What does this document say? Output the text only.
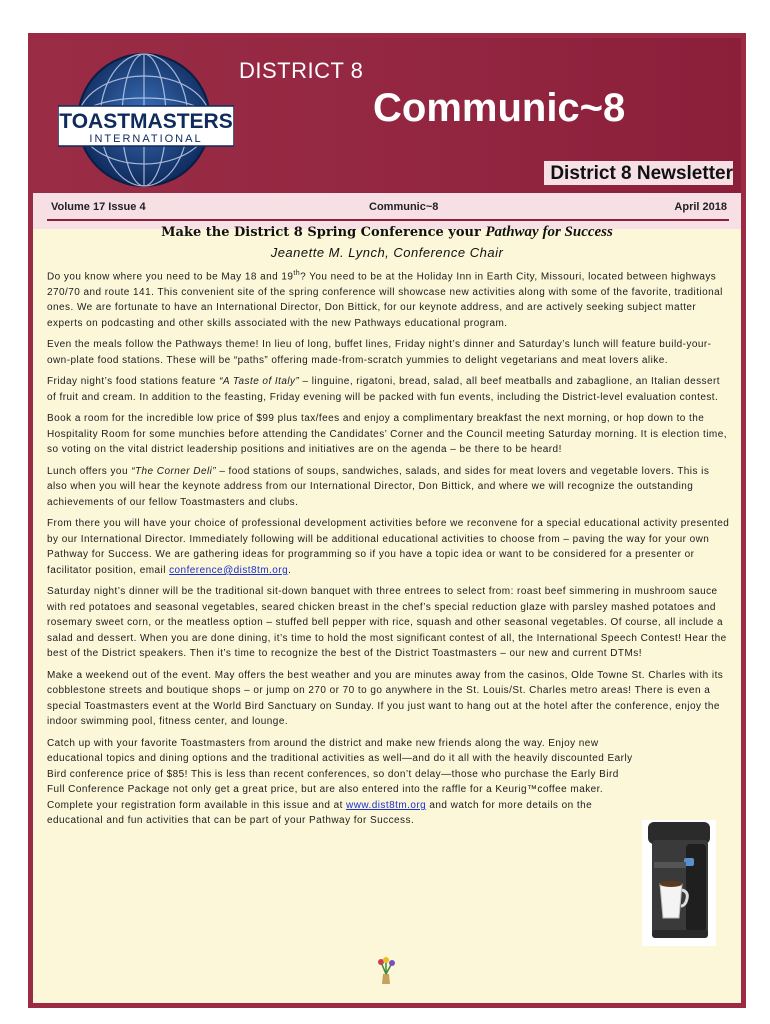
TOASTMASTERS
INTERNATIONAL
DISTRICT 8
Communic~8
District 8 Newsletter
Volume 17 Issue 4	Communic~8	April 2018
Make the District 8 Spring Conference your Pathway for Success
Jeanette M. Lynch, Conference Chair

Do you know where you need to be May 18 and 19th? You need to be at the Holiday Inn in Earth City, Missouri, located between highways 270/70 and route 141. This convenient site of the spring conference will showcase new activities along with some of the favorite, traditional ones. We are fortunate to have an International Director, Don Bittick, for our keynote address, and are actively seeking subject matter experts on podcasting and other skills associated with the new Pathways educational program.

Even the meals follow the Pathways theme! In lieu of long, buffet lines, Friday night’s dinner and Saturday’s lunch will feature build-your-own-plate food stations. These will be “paths” offering made-from-scratch yummies to delight vegetarians and meat lovers alike.

Friday night’s food stations feature “A Taste of Italy” – linguine, rigatoni, bread, salad, all beef meatballs and zabaglione, an Italian dessert of fruit and cream. In addition to the feasting, Friday evening will be packed with fun events, including the District-level evaluation contest.

Book a room for the incredible low price of $99 plus tax/fees and enjoy a complimentary breakfast the next morning, or hop down to the Hospitality Room for some munchies before attending the Candidates’ Corner and the Council meeting Saturday morning. It is election time, so voting on the vital district leadership positions and initiatives are on the agenda – be there to be heard!

Lunch offers you “The Corner Deli” – food stations of soups, sandwiches, salads, and sides for meat lovers and vegetable lovers. This is also when you will hear the keynote address from our International Director, Don Bittick, and where we will recognize the outstanding achievements of our fellow Toastmasters and clubs.

From there you will have your choice of professional development activities before we reconvene for a special educational activity presented by our International Director. Immediately following will be additional educational activities to choose from – paving the way for your own Pathway for Success. We are gathering ideas for programming so if you have a topic idea or want to be considered for a presenter or facilitator position, email conference@dist8tm.org.

Saturday night’s dinner will be the traditional sit-down banquet with three entrees to select from: roast beef simmering in mushroom sauce with red potatoes and seasonal vegetables, seared chicken breast in the chef’s special reduction glaze with parsley mashed potatoes and rosemary sweet corn, or the meatless option – stuffed bell pepper with rice, squash and other seasonal vegetables. Of course, all include a salad and dessert. When you are done dining, it’s time to hold the most significant contest of all, the International Speech Contest! Hear the best of the District speakers. Then it’s time to recognize the best of the District Toastmasters – our new and current DTMs!

Make a weekend out of the event. May offers the best weather and you are minutes away from the casinos, Olde Towne St. Charles with its cobblestone streets and boutique shops – or jump on 270 or 70 to go anywhere in the St. Louis/St. Charles metro areas! There is even a special Toastmasters event at the World Bird Sanctuary on Sunday. If you just want to hang out at the hotel after the conference, enjoy the indoor swimming pool, fitness center, and lounge.

Catch up with your favorite Toastmasters from around the district and make new friends along the way. Enjoy new educational topics and dining options and the traditional activities as well—and do it all with the heavily discounted Early Bird conference price of $85! This is less than recent conferences, so don’t delay—those who purchase the Early Bird Full Conference Package not only get a great price, but are also entered into the raffle for a Keurig™coffee maker. Complete your registration form available in this issue and at www.dist8tm.org and watch for more details on the educational and fun activities that can be part of your Pathway for Success.
